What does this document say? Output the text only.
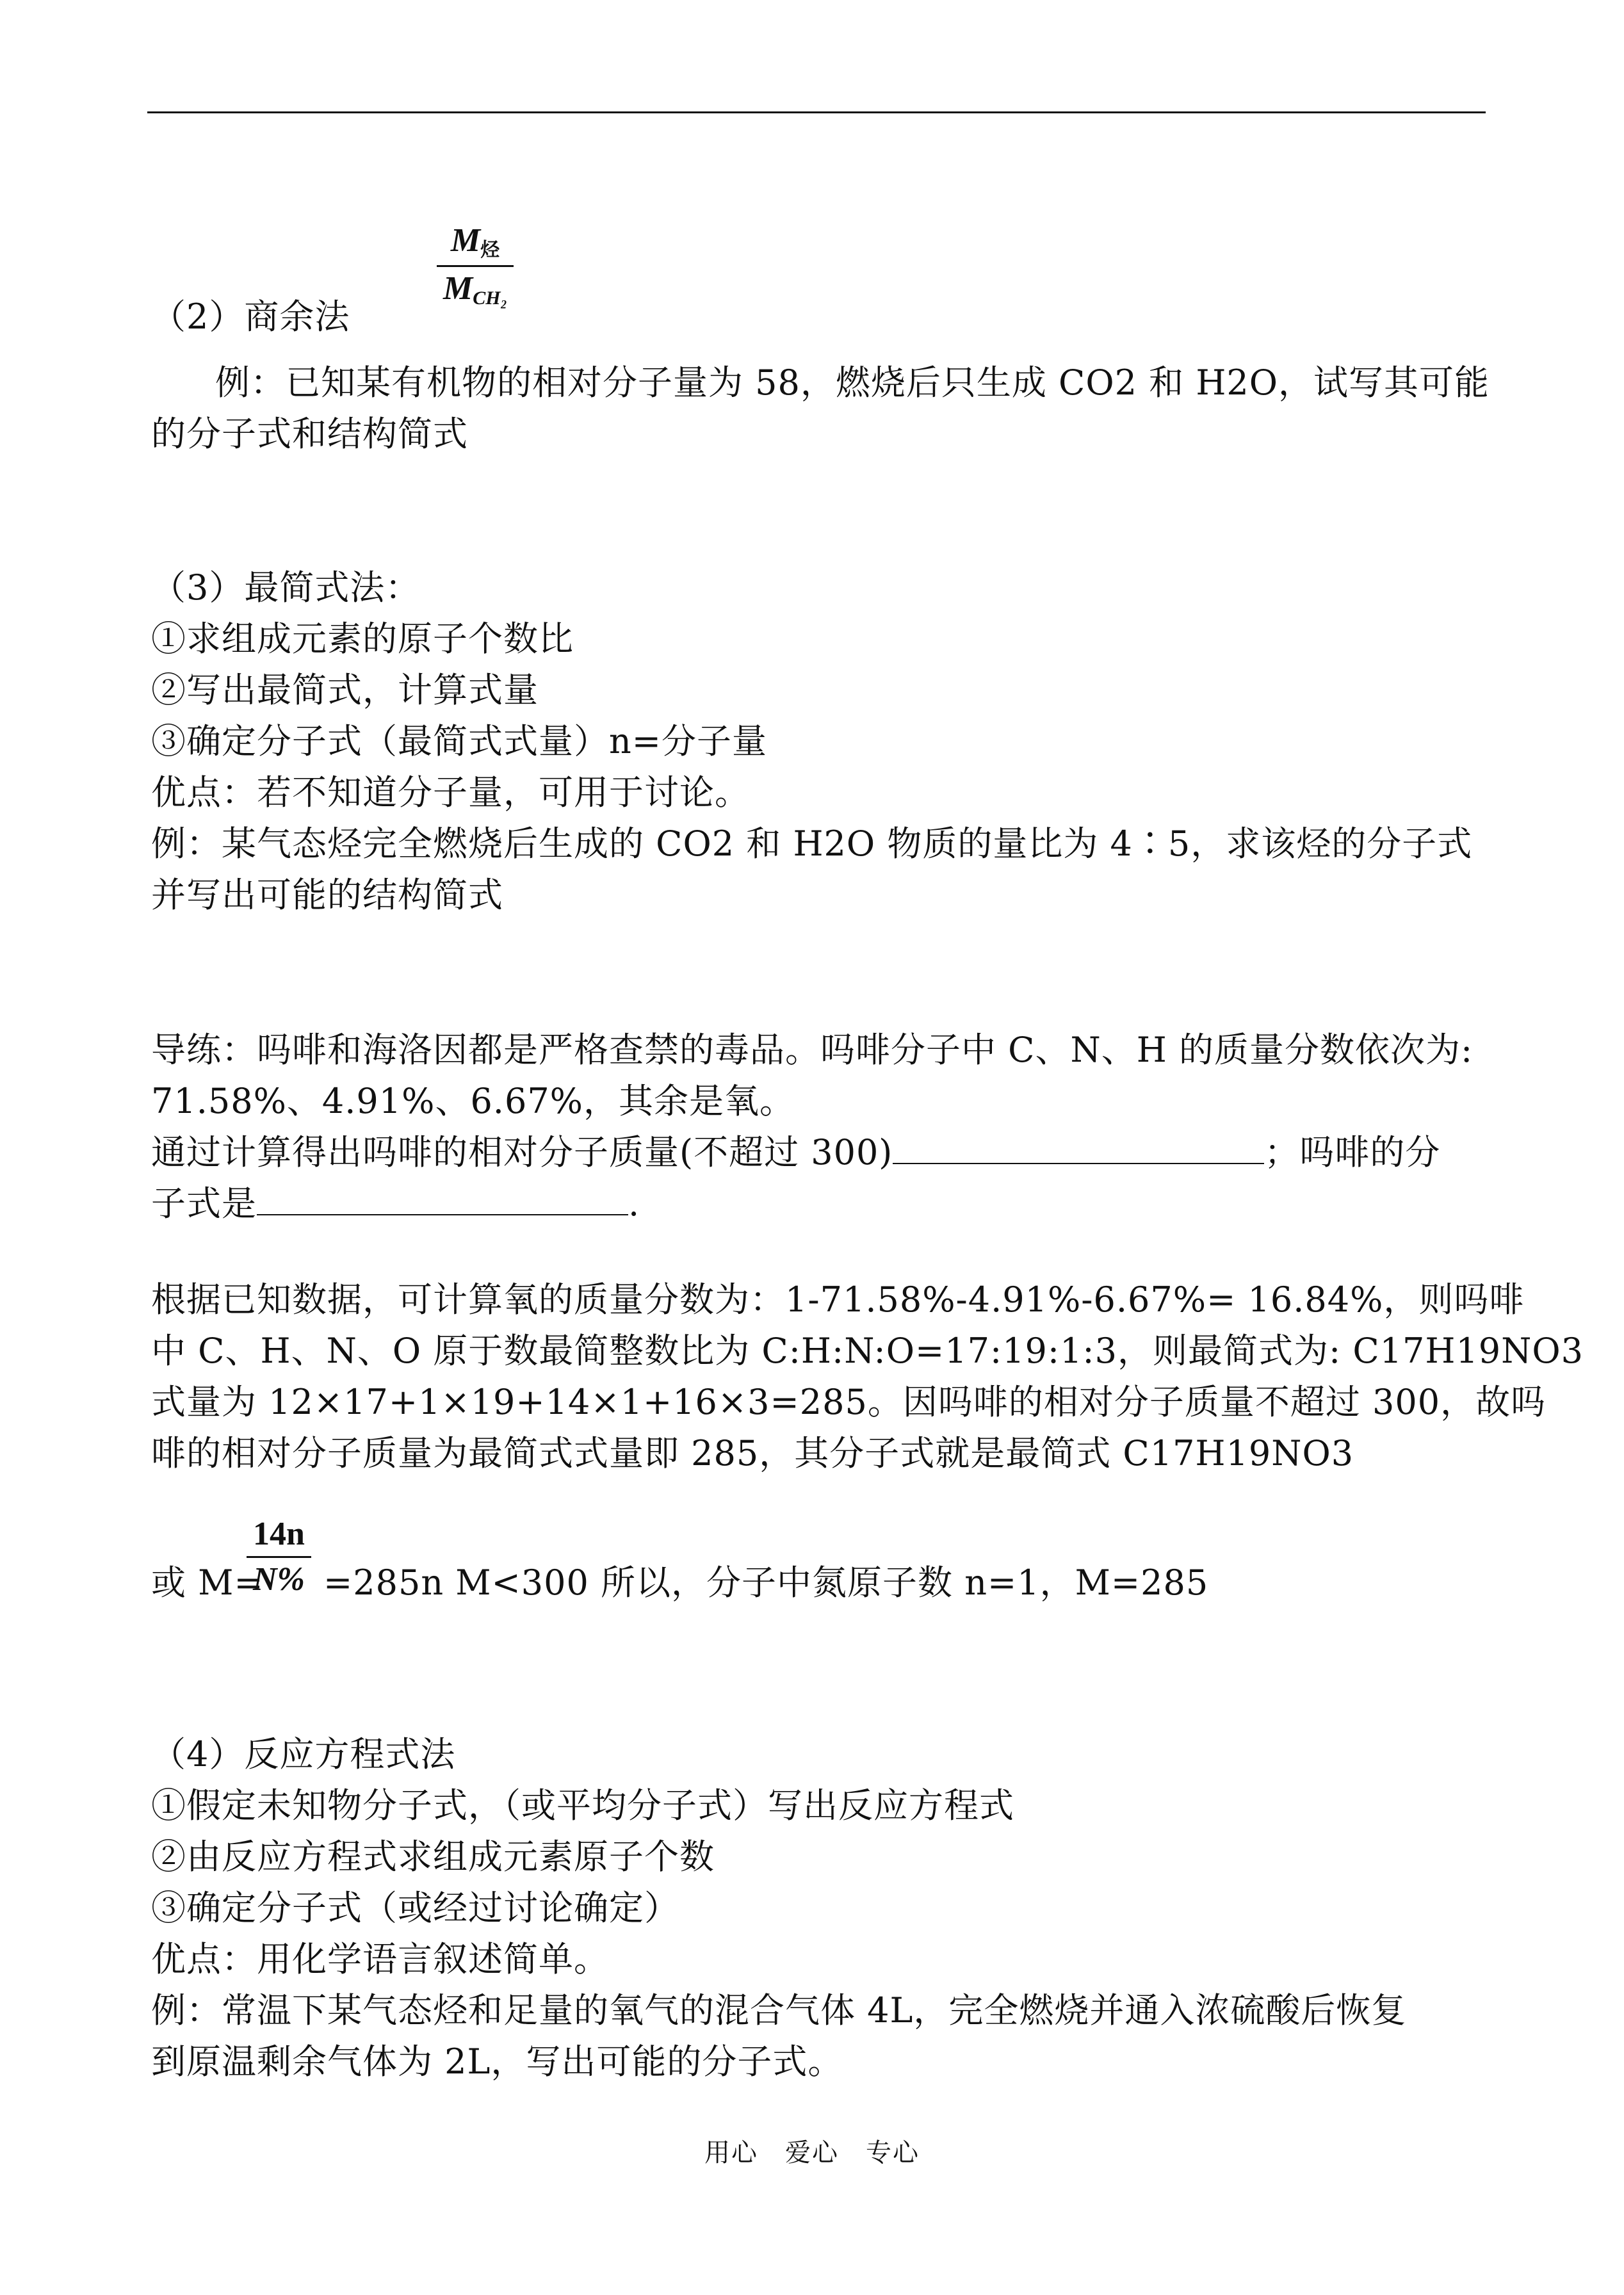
$M_烃$
$M_{CH_2}$
（2）商余法
例：已知某有机物的相对分子量为 58，燃烧后只生成 CO2 和 H2O，试写其可能
的分子式和结构简式
（3）最简式法：
①求组成元素的原子个数比
②写出最简式，计算式量
③确定分子式（最简式式量）n=分子量
优点：若不知道分子量，可用于讨论。
例：某气态烃完全燃烧后生成的 CO2 和 H2O 物质的量比为 4∶5，求该烃的分子式
并写出可能的结构简式
导练：吗啡和海洛因都是严格查禁的毒品。吗啡分子中 C、N、H 的质量分数依次为:
71.58%、4.91%、6.67%，其余是氧。
通过计算得出吗啡的相对分子质量(不超过 300)	；吗啡的分
子式是	.
根据已知数据，可计算氧的质量分数为：1-71.58%-4.91%-6.67%= 16.84%，则吗啡
中 C、H、N、O 原于数最简整数比为 C:H:N:O=17:19:1:3，则最简式为: C17H19NO3
式量为 12×17+1×19+14×1+16×3=285。因吗啡的相对分子质量不超过 300，故吗
啡的相对分子质量为最简式式量即 285，其分子式就是最简式 C17H19NO3
14n
N%
或 M= =285n M<300 所以，分子中氮原子数 n=1，M=285
（4）反应方程式法
①假定未知物分子式，（或平均分子式）写出反应方程式
②由反应方程式求组成元素原子个数
③确定分子式（或经过讨论确定）
优点：用化学语言叙述简单。
例：常温下某气态烃和足量的氧气的混合气体 4L，完全燃烧并通入浓硫酸后恢复
到原温剩余气体为 2L，写出可能的分子式。
用心　爱心　专心
